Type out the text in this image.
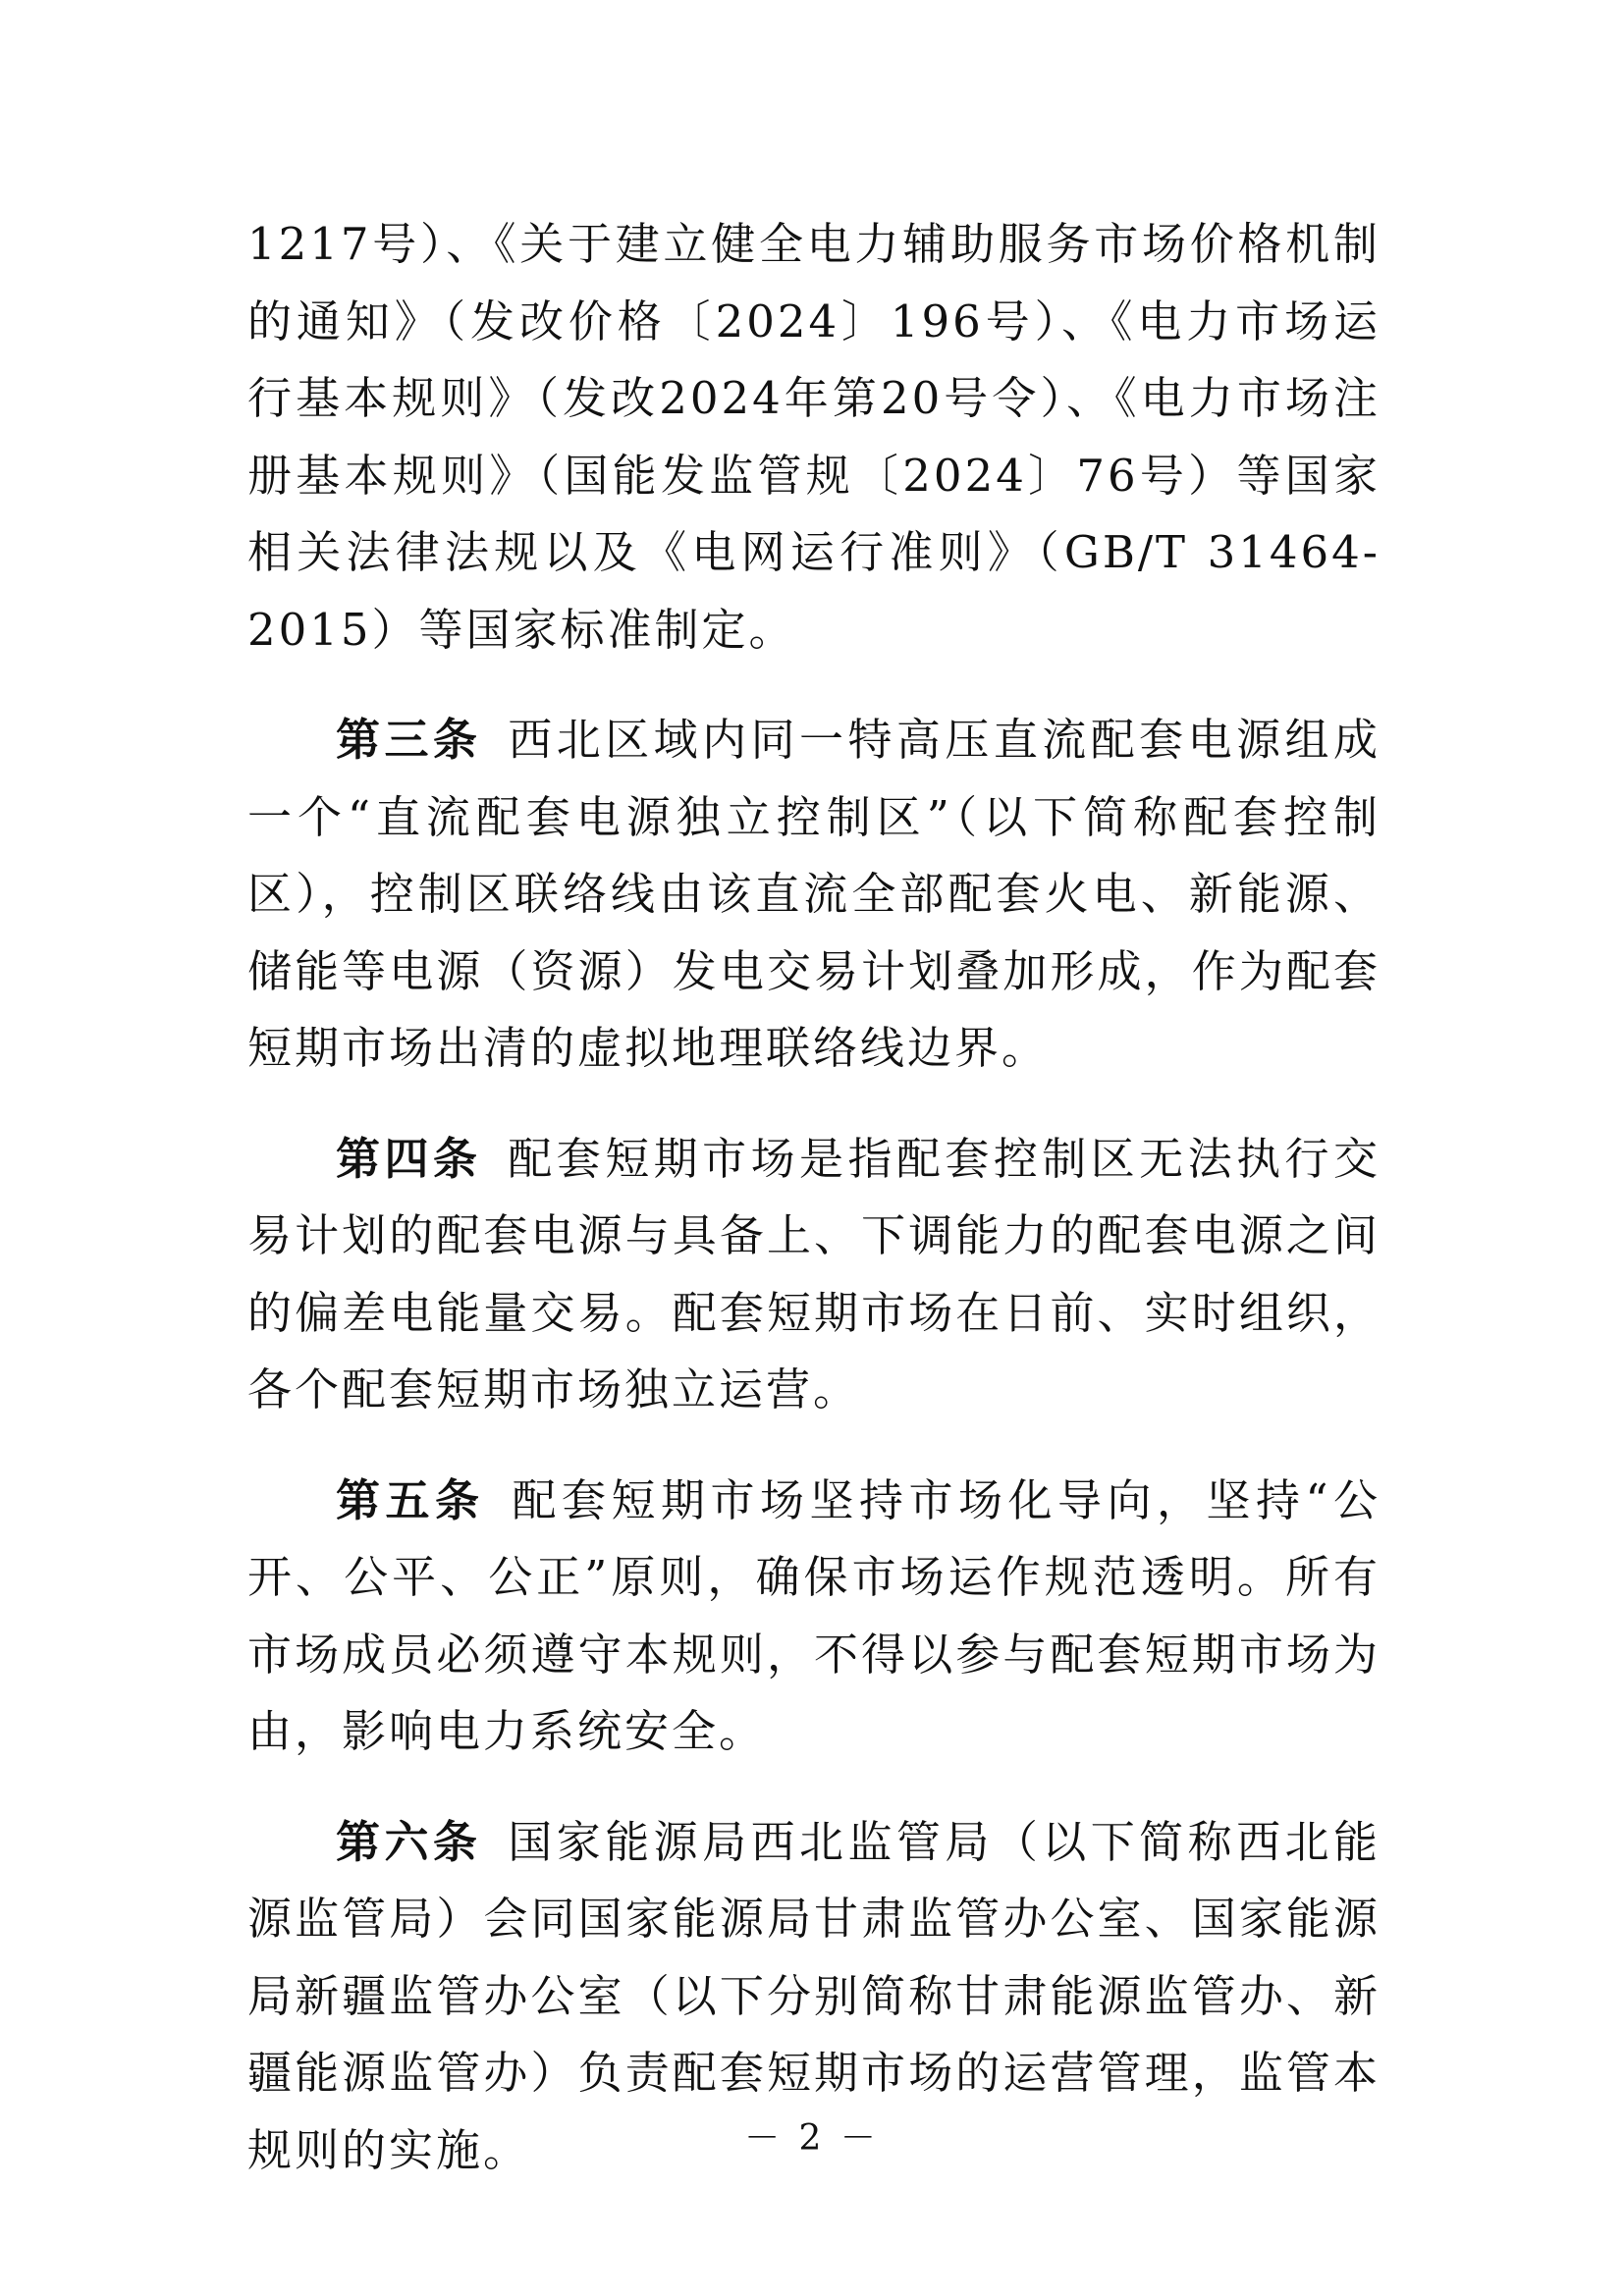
1217号）、《关于建立健全电力辅助服务市场价格机制的通知》（发改价格〔2024〕196号）、《电力市场运行基本规则》（发改2024年第20号令）、《电力市场注册基本规则》（国能发监管规〔2024〕76号）等国家相关法律法规以及《电网运行准则》（GB/T 31464-2015）等国家标准制定。

第三条  西北区域内同一特高压直流配套电源组成一个“直流配套电源独立控制区”（以下简称配套控制区），控制区联络线由该直流全部配套火电、新能源、储能等电源（资源）发电交易计划叠加形成，作为配套短期市场出清的虚拟地理联络线边界。

第四条  配套短期市场是指配套控制区无法执行交易计划的配套电源与具备上、下调能力的配套电源之间的偏差电能量交易。配套短期市场在日前、实时组织，各个配套短期市场独立运营。

第五条  配套短期市场坚持市场化导向，坚持“公开、公平、公正”原则，确保市场运作规范透明。所有市场成员必须遵守本规则，不得以参与配套短期市场为由，影响电力系统安全。

第六条  国家能源局西北监管局（以下简称西北能源监管局）会同国家能源局甘肃监管办公室、国家能源局新疆监管办公室（以下分别简称甘肃能源监管办、新疆能源监管办）负责配套短期市场的运营管理，监管本规则的实施。	－ 2 －
